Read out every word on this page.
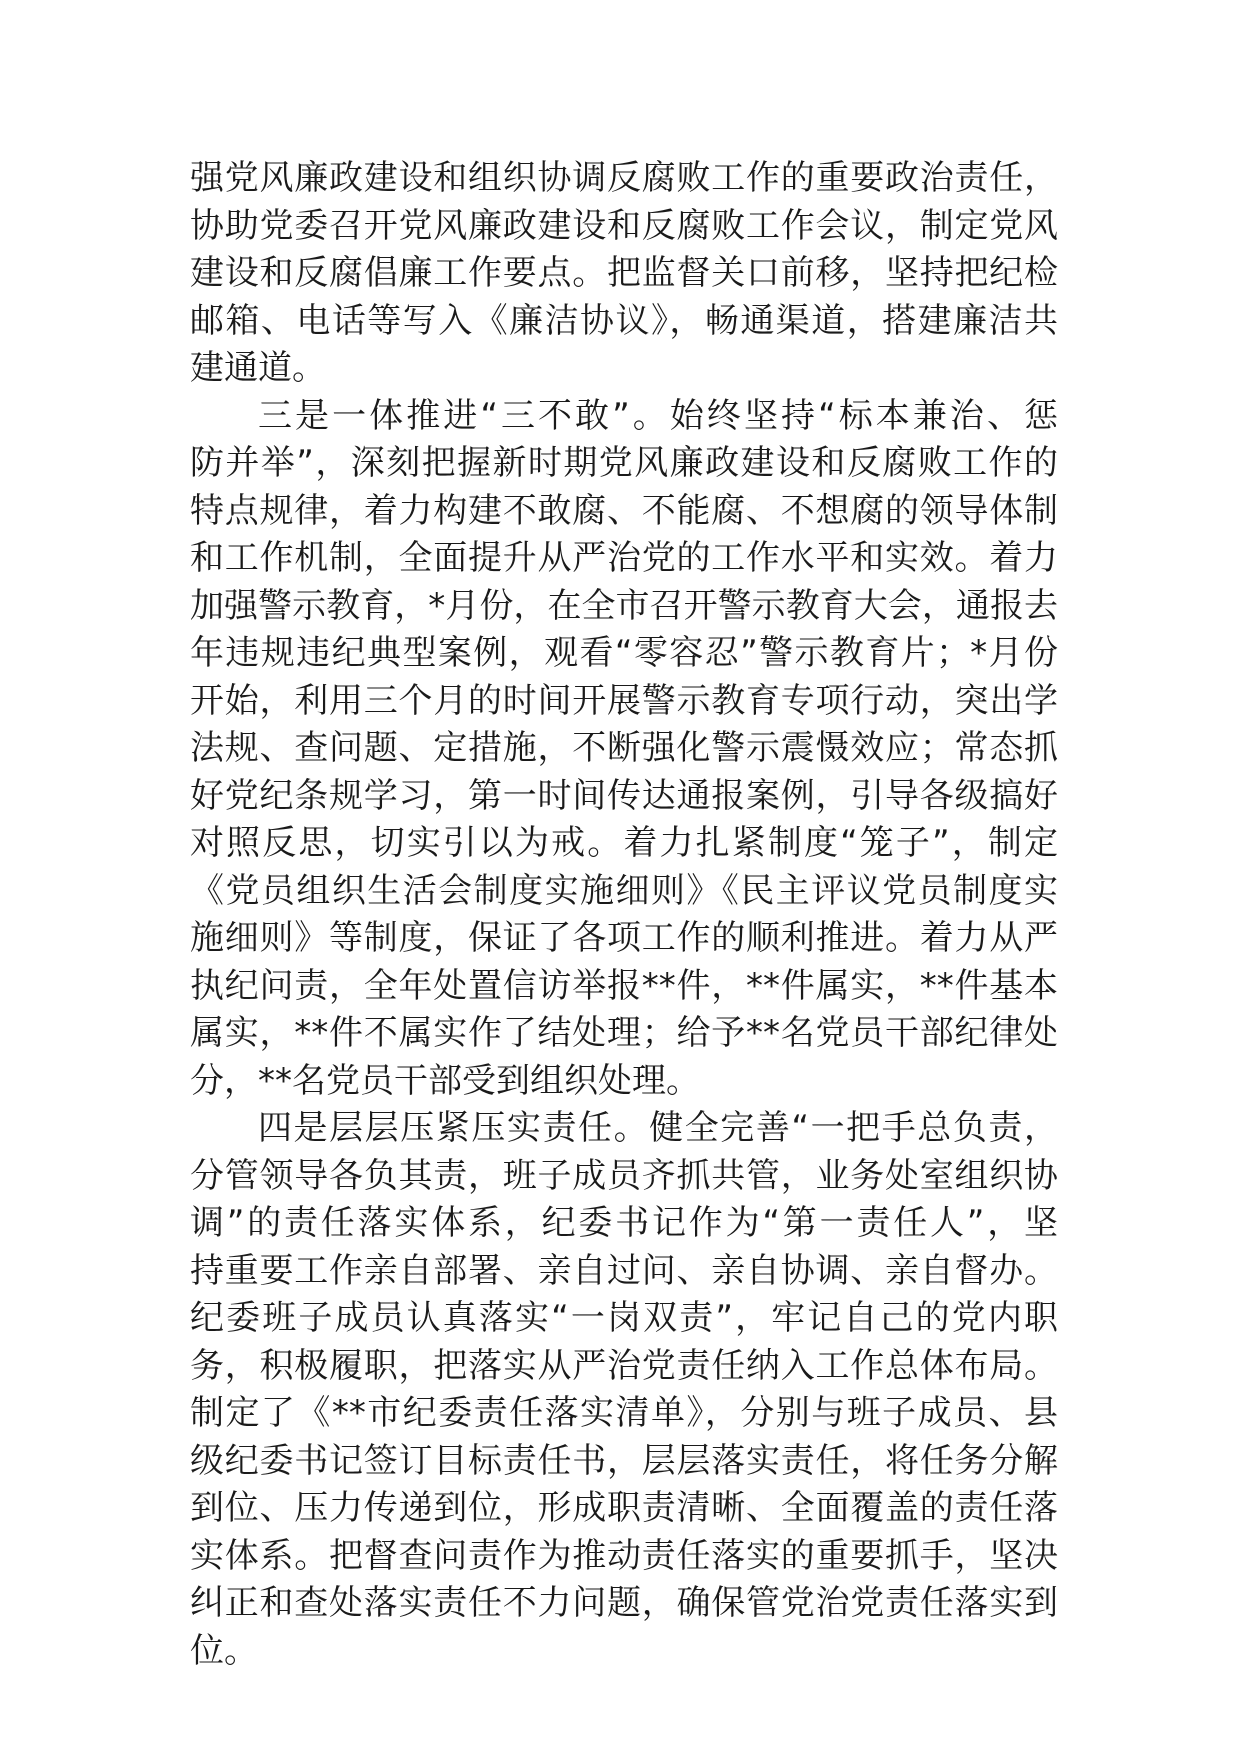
强党风廉政建设和组织协调反腐败工作的重要政治责任，
协助党委召开党风廉政建设和反腐败工作会议，制定党风
建设和反腐倡廉工作要点。把监督关口前移，坚持把纪检
邮箱、电话等写入《廉洁协议》，畅通渠道，搭建廉洁共
建通道。
三是一体推进“三不敢”。始终坚持“标本兼治、惩
防并举”，深刻把握新时期党风廉政建设和反腐败工作的
特点规律，着力构建不敢腐、不能腐、不想腐的领导体制
和工作机制，全面提升从严治党的工作水平和实效。着力
加强警示教育，*月份，在全市召开警示教育大会，通报去
年违规违纪典型案例，观看“零容忍”警示教育片；*月份
开始，利用三个月的时间开展警示教育专项行动，突出学
法规、查问题、定措施，不断强化警示震慑效应；常态抓
好党纪条规学习，第一时间传达通报案例，引导各级搞好
对照反思，切实引以为戒。着力扎紧制度“笼子”，制定
《党员组织生活会制度实施细则》《民主评议党员制度实
施细则》等制度，保证了各项工作的顺利推进。着力从严
执纪问责，全年处置信访举报**件，**件属实，**件基本
属实，**件不属实作了结处理；给予**名党员干部纪律处
分，**名党员干部受到组织处理。
四是层层压紧压实责任。健全完善“一把手总负责，
分管领导各负其责，班子成员齐抓共管，业务处室组织协
调”的责任落实体系，纪委书记作为“第一责任人”，坚
持重要工作亲自部署、亲自过问、亲自协调、亲自督办。
纪委班子成员认真落实“一岗双责”，牢记自己的党内职
务，积极履职，把落实从严治党责任纳入工作总体布局。
制定了《**市纪委责任落实清单》，分别与班子成员、县
级纪委书记签订目标责任书，层层落实责任，将任务分解
到位、压力传递到位，形成职责清晰、全面覆盖的责任落
实体系。把督查问责作为推动责任落实的重要抓手，坚决
纠正和查处落实责任不力问题，确保管党治党责任落实到
位。
